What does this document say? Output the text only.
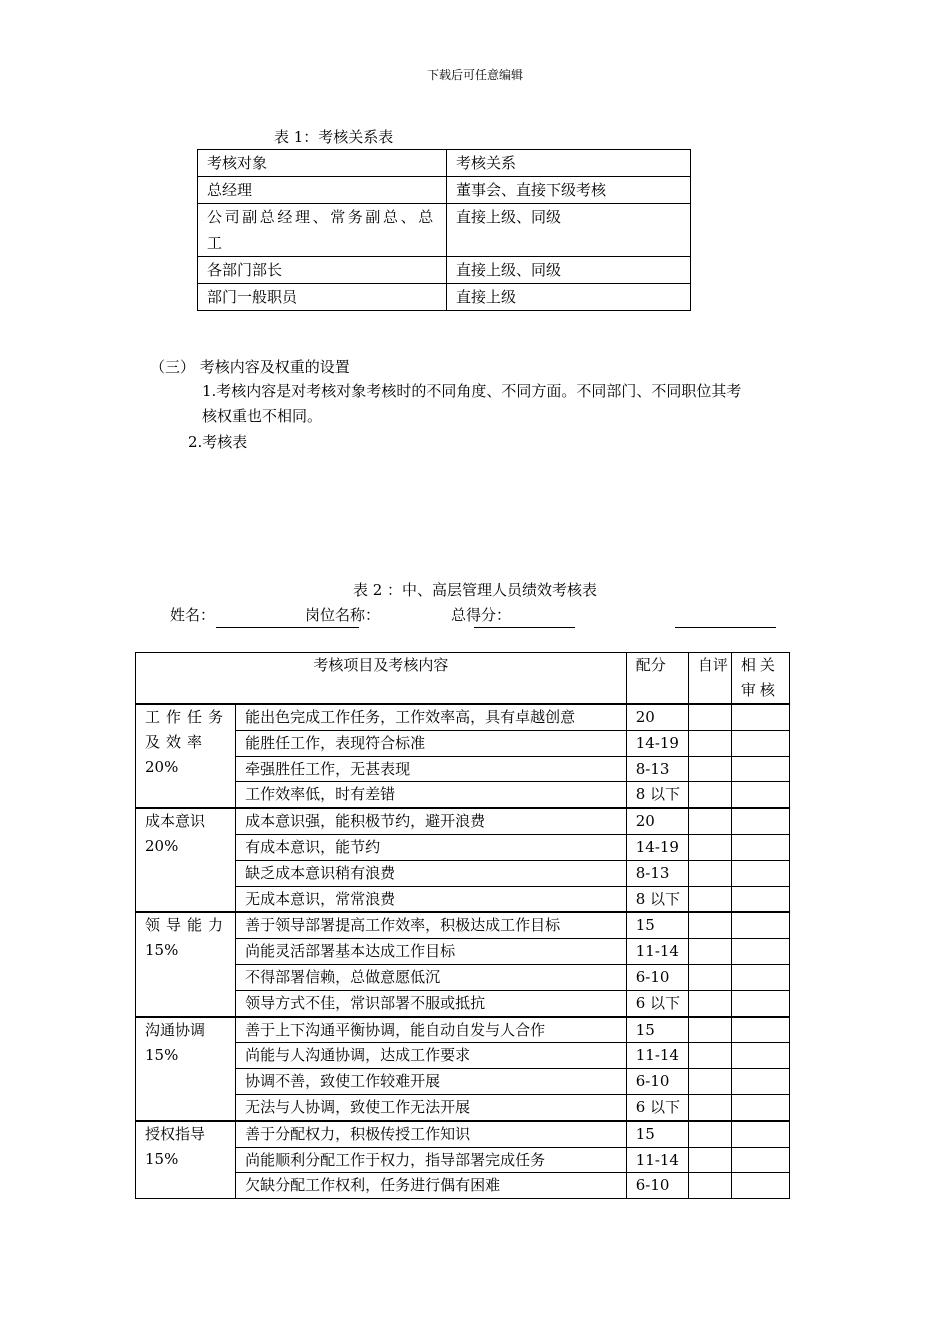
下载后可任意编辑
表 1：考核关系表
考核对象	考核关系
总经理	董事会、直接下级考核
公司副总经理、常务副总、总工	直接上级、同级
各部门部长	直接上级、同级
部门一般职员	直接上级
（三） 考核内容及权重的设置
1.考核内容是对考核对象考核时的不同角度、不同方面。不同部门、不同职位其考
核权重也不相同。
2.考核表
表 2 ：中、高层管理人员绩效考核表
姓名：	岗位名称：	总得分：
考核项目及考核内容		配分	自评	相关审核
工作任务及效率
20%	能出色完成工作任务，工作效率高，具有卓越创意	20		
	能胜任工作，表现符合标准	14-19		
	牵强胜任工作，无甚表现	8-13		
	工作效率低，时有差错	8 以下		
成本意识
20%	成本意识强，能积极节约，避开浪费	20		
	有成本意识，能节约	14-19		
	缺乏成本意识稍有浪费	8-13		
	无成本意识，常常浪费	8 以下		
领导能力
15%	善于领导部署提高工作效率，积极达成工作目标	15		
	尚能灵活部署基本达成工作目标	11-14		
	不得部署信赖，总做意愿低沉	6-10		
	领导方式不佳，常识部署不服或抵抗	6 以下		
沟通协调
15%	善于上下沟通平衡协调，能自动自发与人合作	15		
	尚能与人沟通协调，达成工作要求	11-14		
	协调不善，致使工作较难开展	6-10		
	无法与人协调，致使工作无法开展	6 以下		
授权指导
15%	善于分配权力，积极传授工作知识	15		
	尚能顺利分配工作于权力，指导部署完成任务	11-14		
	欠缺分配工作权利，任务进行偶有困难	6-10		
